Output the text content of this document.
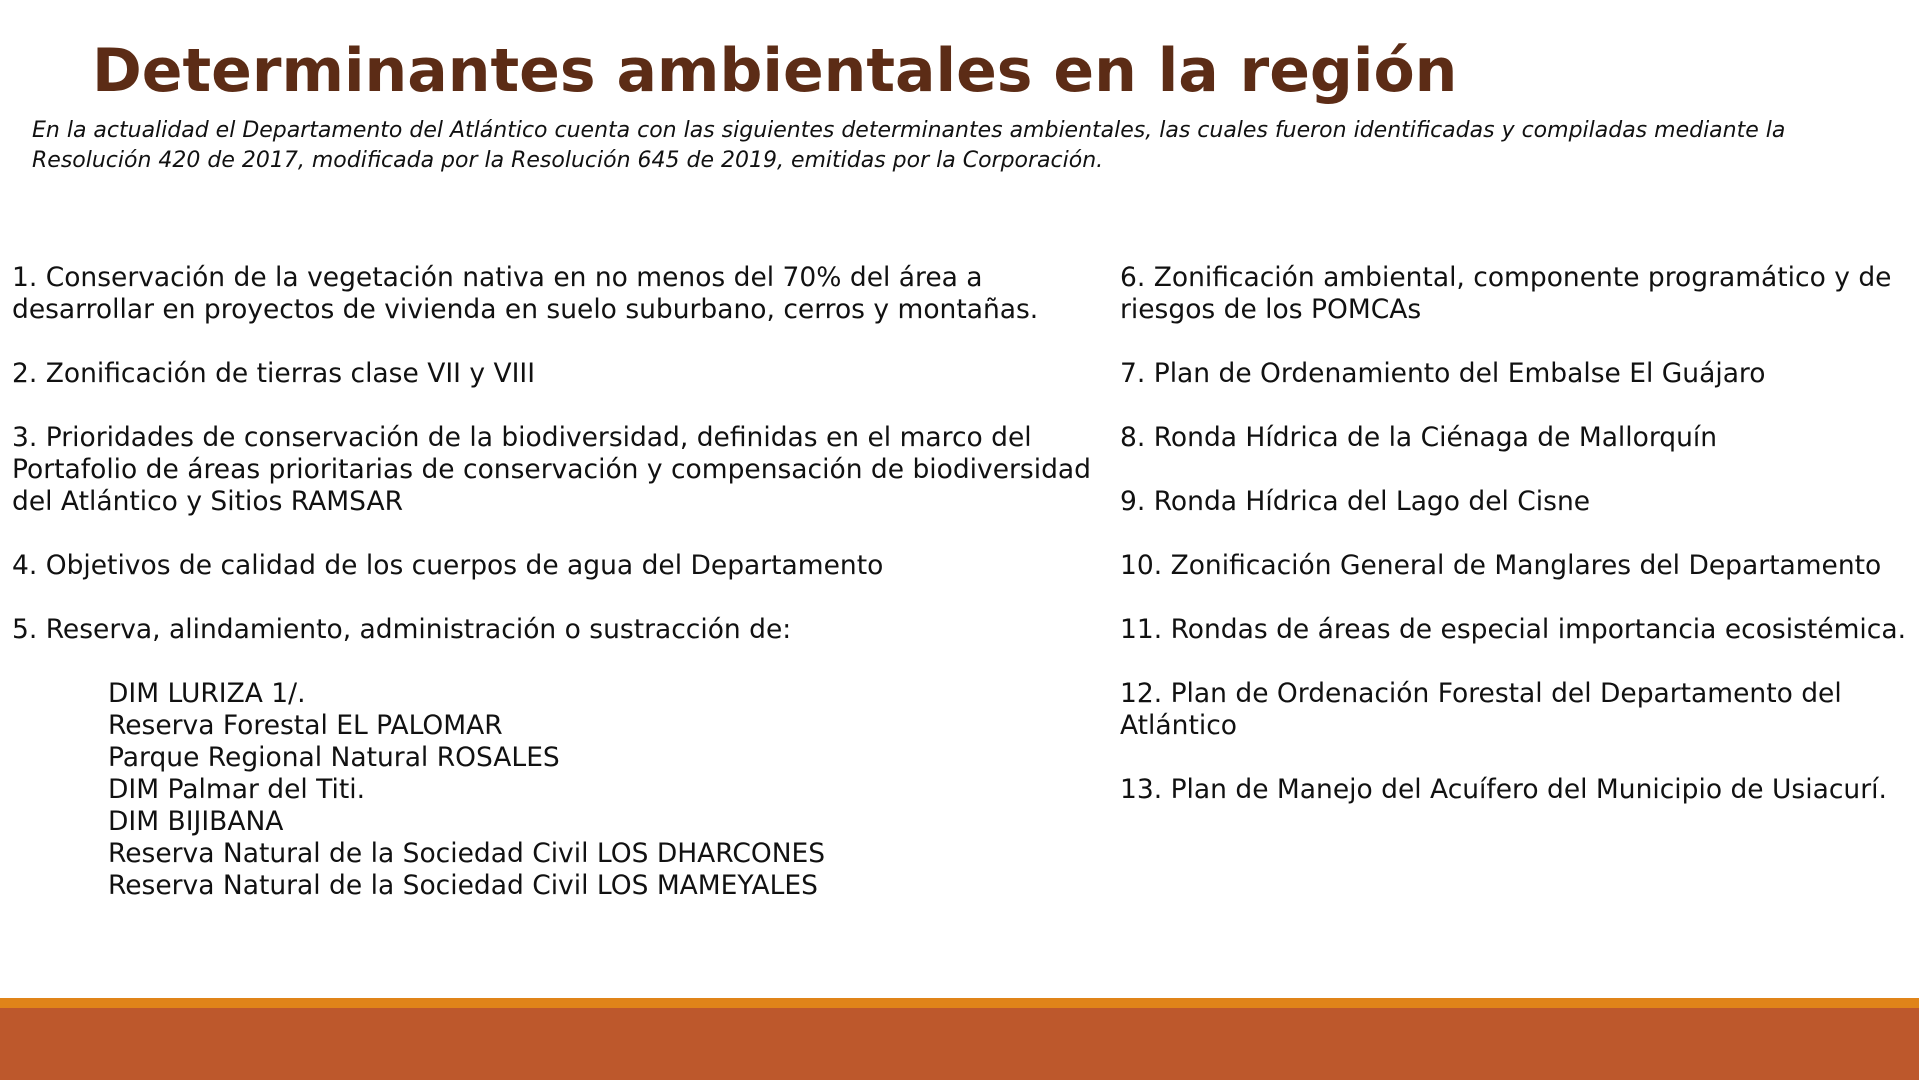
Determinantes ambientales en la región

En la actualidad el Departamento del Atlántico cuenta con las siguientes determinantes ambientales, las cuales fueron identificadas y compiladas mediante la Resolución 420 de 2017, modificada por la Resolución 645 de 2019, emitidas por la Corporación.

1. Conservación de la vegetación nativa en no menos del 70% del área a desarrollar en proyectos de vivienda en suelo suburbano, cerros y montañas.
2. Zonificación de tierras clase VII y VIII
3. Prioridades de conservación de la biodiversidad, definidas en el marco del Portafolio de áreas prioritarias de conservación y compensación de biodiversidad del Atlántico y Sitios RAMSAR
4. Objetivos de calidad de los cuerpos de agua del Departamento
5. Reserva, alindamiento, administración o sustracción de:
DIM LURIZA 1/.
Reserva Forestal EL PALOMAR
Parque Regional Natural ROSALES
DIM Palmar del Titi.
DIM BIJIBANA
Reserva Natural de la Sociedad Civil LOS DHARCONES
Reserva Natural de la Sociedad Civil LOS MAMEYALES
6. Zonificación ambiental, componente programático y de riesgos de los POMCAs
7. Plan de Ordenamiento del Embalse El Guájaro
8. Ronda Hídrica de la Ciénaga de Mallorquín
9. Ronda Hídrica del Lago del Cisne
10. Zonificación General de Manglares del Departamento
11. Rondas de áreas de especial importancia ecosistémica.
12. Plan de Ordenación Forestal del Departamento del Atlántico
13. Plan de Manejo del Acuífero del Municipio de Usiacurí.
